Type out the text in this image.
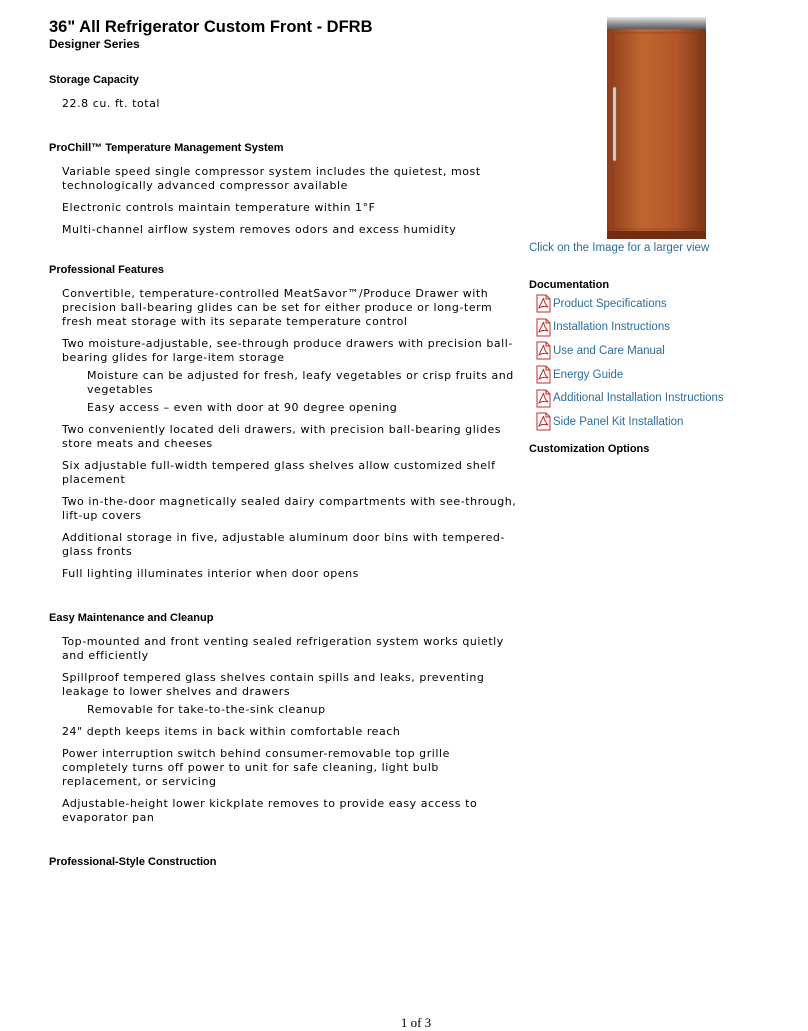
36" All Refrigerator Custom Front - DFRB
Designer Series
Storage Capacity
22.8 cu. ft. total
ProChill™ Temperature Management System
Variable speed single compressor system includes the quietest, most technologically advanced compressor available
Electronic controls maintain temperature within 1°F
Multi-channel airflow system removes odors and excess humidity
Professional Features
Convertible, temperature-controlled MeatSavor™/Produce Drawer with precision ball-bearing glides can be set for either produce or long-term fresh meat storage with its separate temperature control
Two moisture-adjustable, see-through produce drawers with precision ball-bearing glides for large-item storage
Moisture can be adjusted for fresh, leafy vegetables or crisp fruits and vegetables
Easy access – even with door at 90 degree opening
Two conveniently located deli drawers, with precision ball-bearing glides store meats and cheeses
Six adjustable full-width tempered glass shelves allow customized shelf placement
Two in-the-door magnetically sealed dairy compartments with see-through, lift-up covers
Additional storage in five, adjustable aluminum door bins with tempered-glass fronts
Full lighting illuminates interior when door opens
Easy Maintenance and Cleanup
Top-mounted and front venting sealed refrigeration system works quietly and efficiently
Spillproof tempered glass shelves contain spills and leaks, preventing leakage to lower shelves and drawers
Removable for take-to-the-sink cleanup
24" depth keeps items in back within comfortable reach
Power interruption switch behind consumer-removable top grille completely turns off power to unit for safe cleaning, light bulb replacement, or servicing
Adjustable-height lower kickplate removes to provide easy access to evaporator pan
Professional-Style Construction
Click on the Image for a larger view
Documentation
Product Specifications
Installation Instructions
Use and Care Manual
Energy Guide
Additional Installation Instructions
Side Panel Kit Installation
Customization Options
1 of 3
